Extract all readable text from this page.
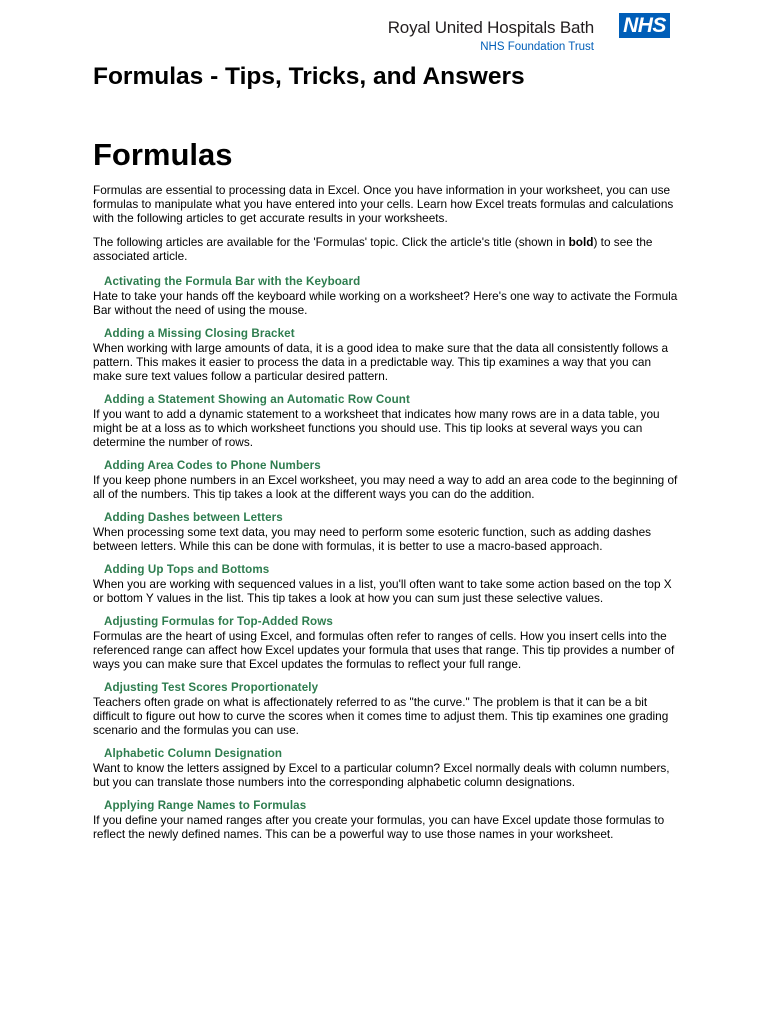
Royal United Hospitals Bath
NHS Foundation Trust
NHS
Formulas - Tips, Tricks, and Answers
Formulas

Formulas are essential to processing data in Excel. Once you have information in your worksheet, you can use formulas to manipulate what you have entered into your cells. Learn how Excel treats formulas and calculations with the following articles to get accurate results in your worksheets.

The following articles are available for the 'Formulas' topic. Click the article's title (shown in bold) to see the associated article.

Activating the Formula Bar with the Keyboard
Hate to take your hands off the keyboard while working on a worksheet? Here's one way to activate the Formula Bar without the need of using the mouse.
Adding a Missing Closing Bracket
When working with large amounts of data, it is a good idea to make sure that the data all consistently follows a pattern. This makes it easier to process the data in a predictable way. This tip examines a way that you can make sure text values follow a particular desired pattern.
Adding a Statement Showing an Automatic Row Count
If you want to add a dynamic statement to a worksheet that indicates how many rows are in a data table, you might be at a loss as to which worksheet functions you should use. This tip looks at several ways you can determine the number of rows.
Adding Area Codes to Phone Numbers
If you keep phone numbers in an Excel worksheet, you may need a way to add an area code to the beginning of all of the numbers. This tip takes a look at the different ways you can do the addition.
Adding Dashes between Letters
When processing some text data, you may need to perform some esoteric function, such as adding dashes between letters. While this can be done with formulas, it is better to use a macro-based approach.
Adding Up Tops and Bottoms
When you are working with sequenced values in a list, you'll often want to take some action based on the top X or bottom Y values in the list. This tip takes a look at how you can sum just these selective values.
Adjusting Formulas for Top-Added Rows
Formulas are the heart of using Excel, and formulas often refer to ranges of cells. How you insert cells into the referenced range can affect how Excel updates your formula that uses that range. This tip provides a number of ways you can make sure that Excel updates the formulas to reflect your full range.
Adjusting Test Scores Proportionately
Teachers often grade on what is affectionately referred to as "the curve." The problem is that it can be a bit difficult to figure out how to curve the scores when it comes time to adjust them. This tip examines one grading scenario and the formulas you can use.
Alphabetic Column Designation
Want to know the letters assigned by Excel to a particular column? Excel normally deals with column numbers, but you can translate those numbers into the corresponding alphabetic column designations.
Applying Range Names to Formulas
If you define your named ranges after you create your formulas, you can have Excel update those formulas to reflect the newly defined names. This can be a powerful way to use those names in your worksheet.
